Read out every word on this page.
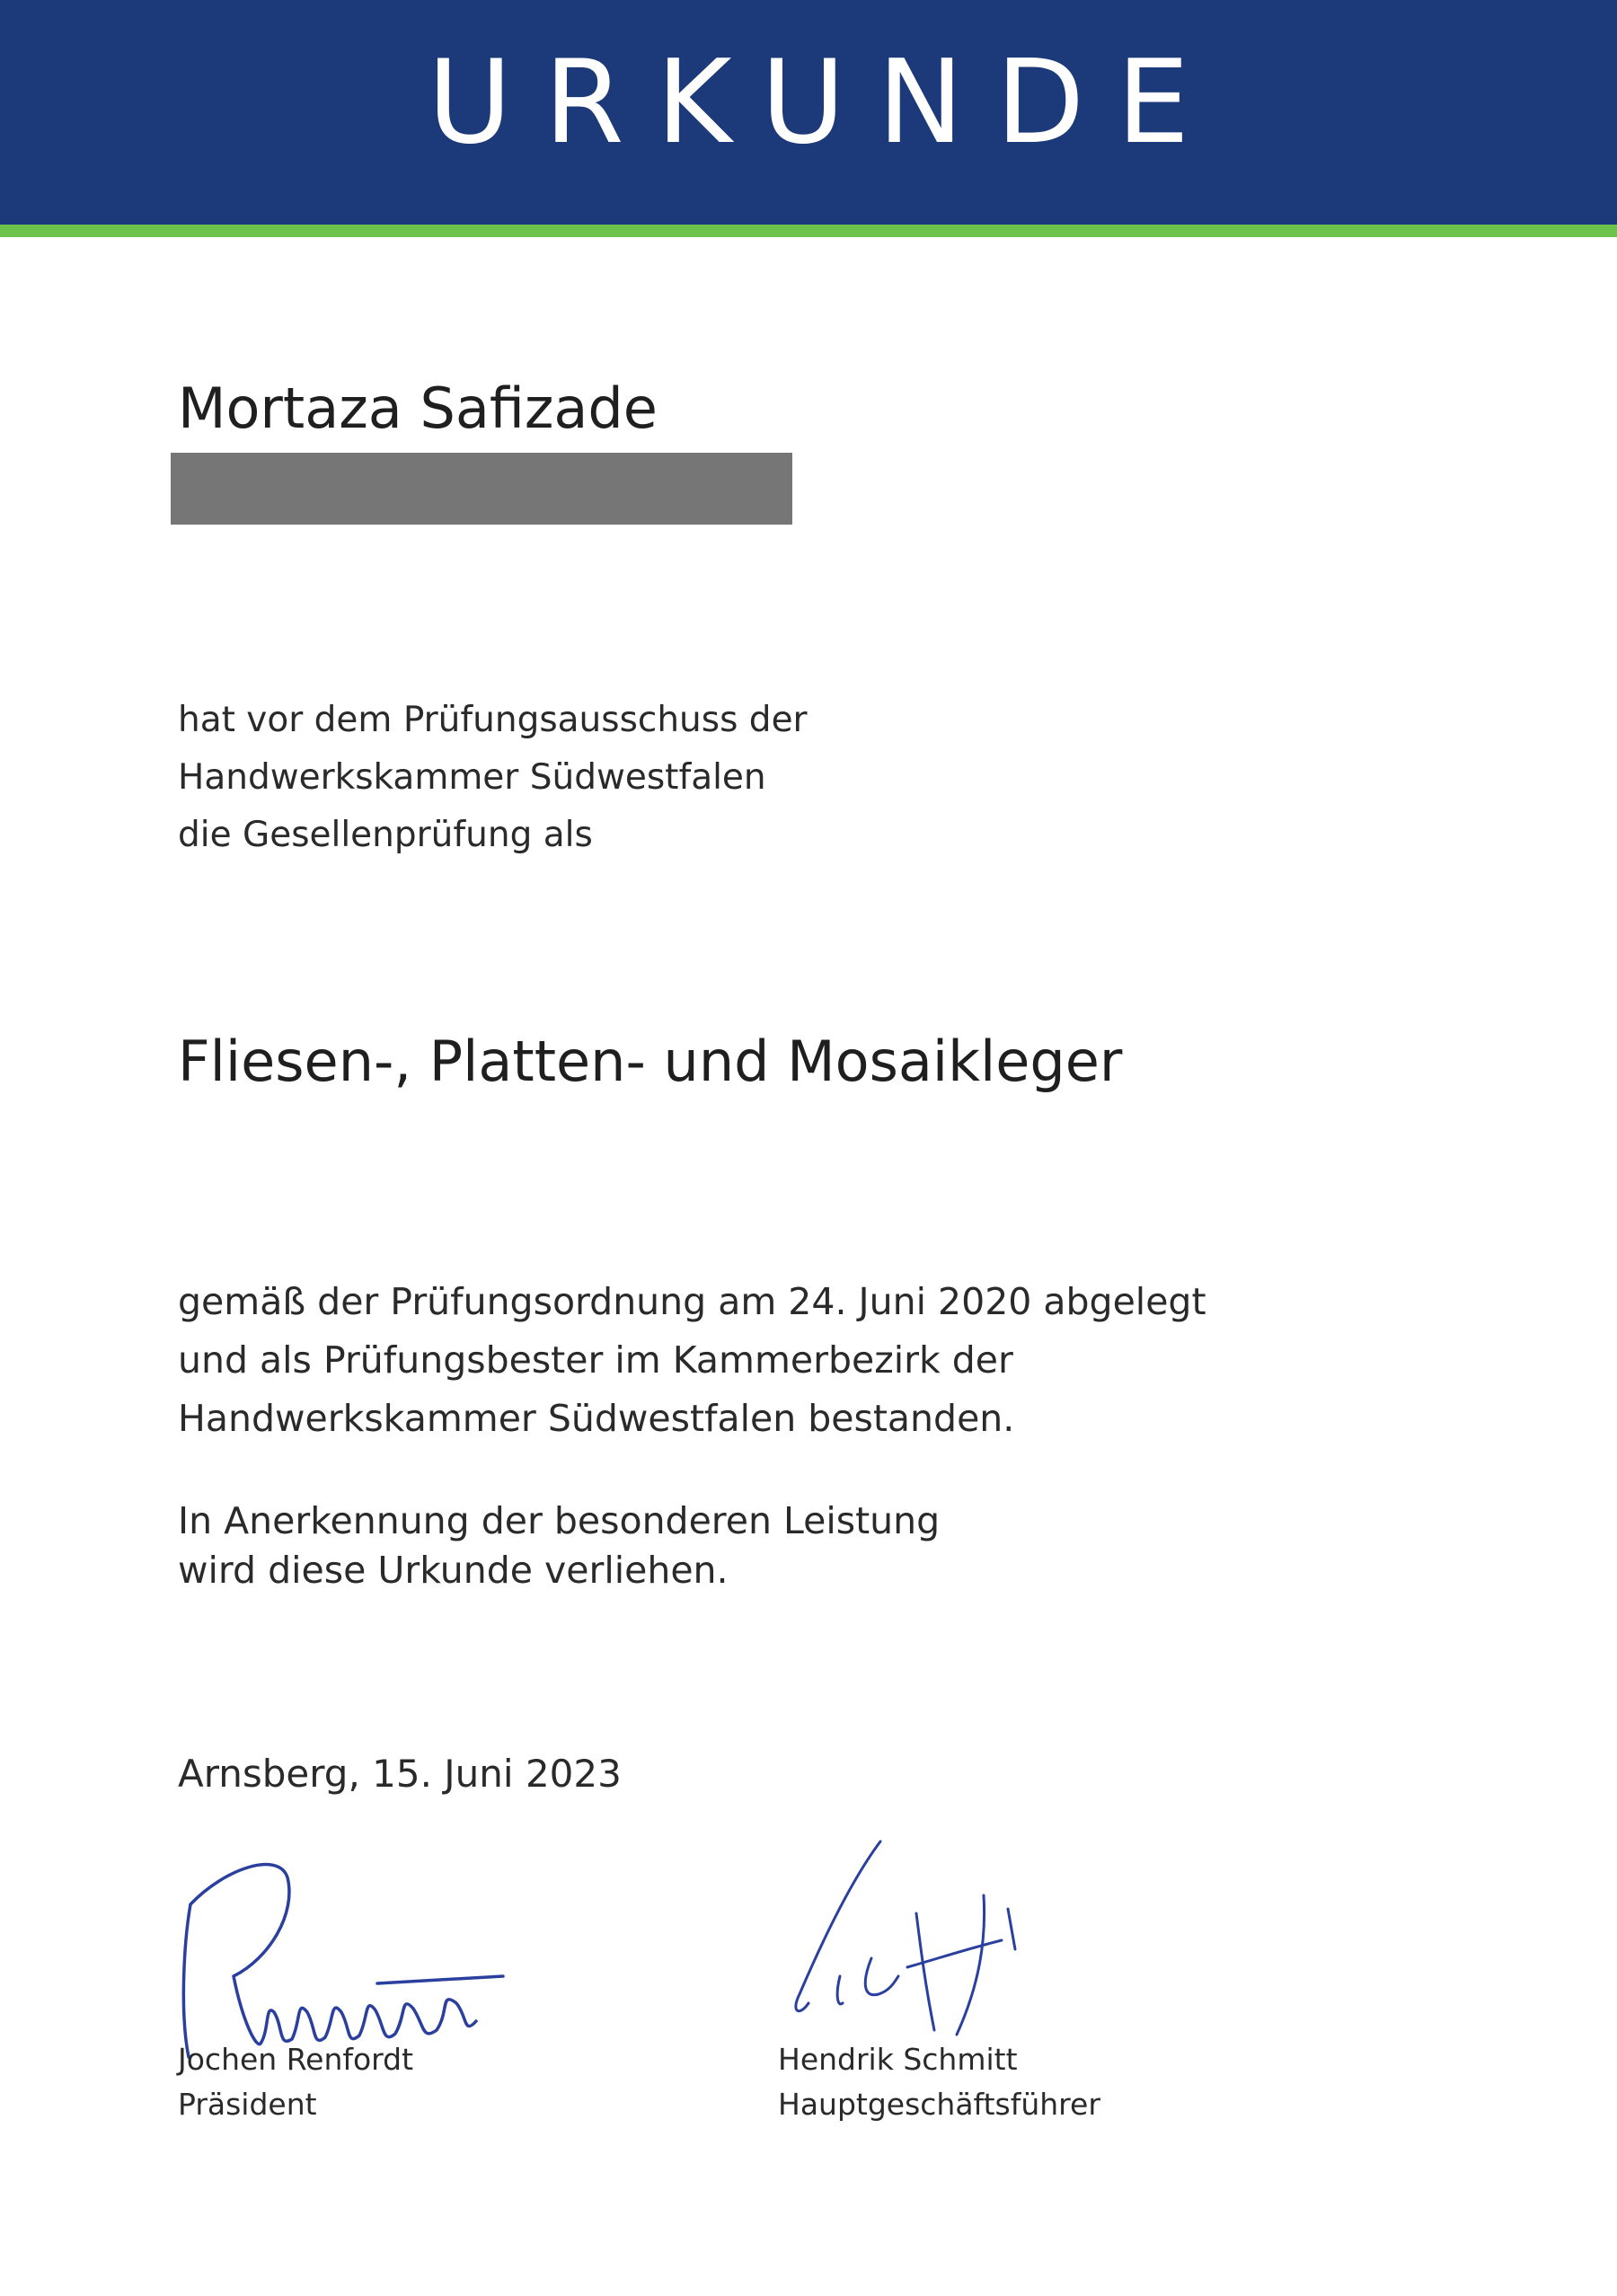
URKUNDE
Mortaza Safizade
hat vor dem Prüfungsausschuss der
Handwerkskammer Südwestfalen
die Gesellenprüfung als
Fliesen-, Platten- und Mosaikleger
gemäß der Prüfungsordnung am 24. Juni 2020 abgelegt
und als Prüfungsbester im Kammerbezirk der
Handwerkskammer Südwestfalen bestanden.
In Anerkennung der besonderen Leistung
wird diese Urkunde verliehen.
Arnsberg, 15. Juni 2023
Jochen Renfordt
Präsident
Hendrik Schmitt
Hauptgeschäftsführer
